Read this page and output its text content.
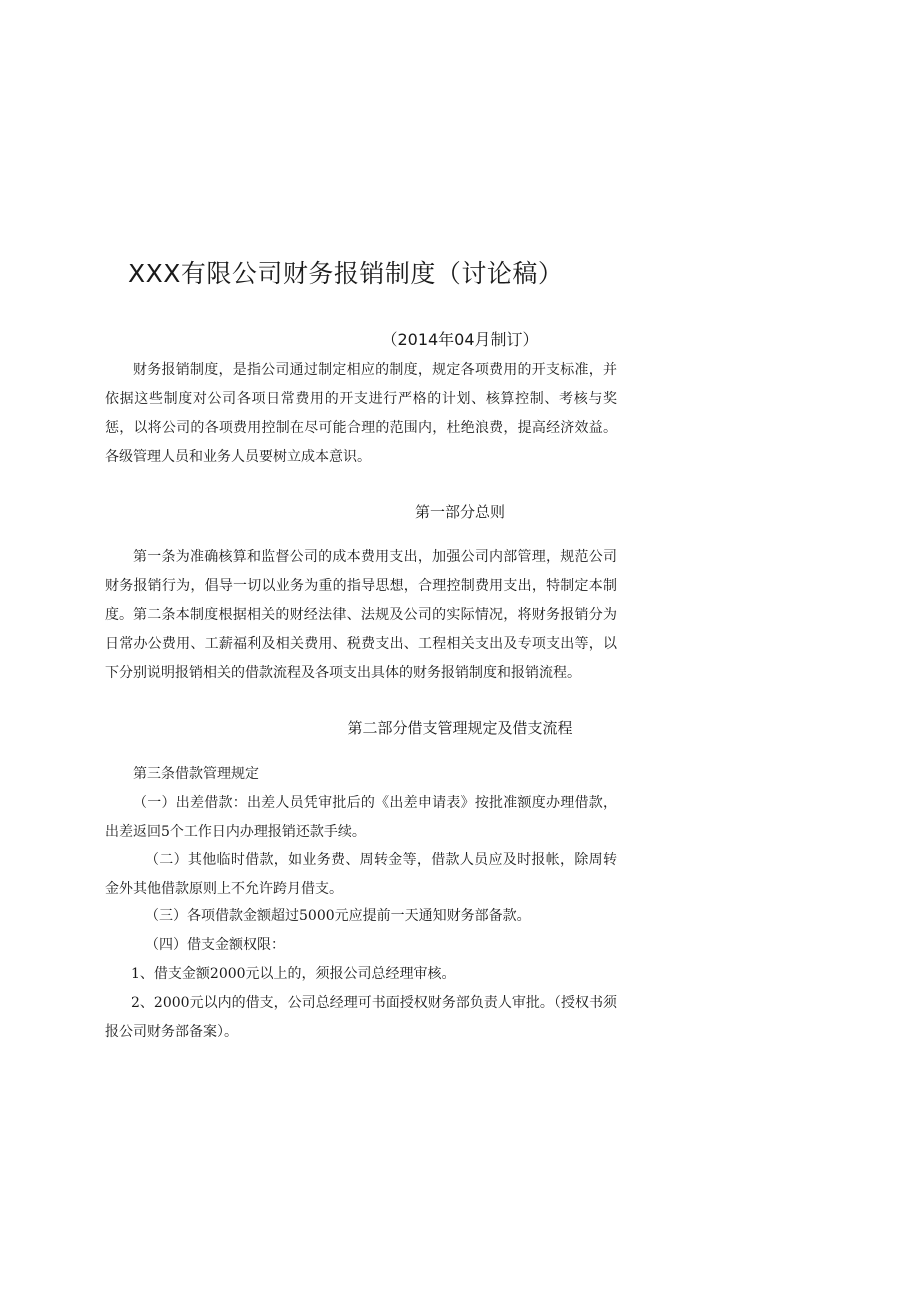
XXX有限公司财务报销制度（讨论稿）
（2014年04月制订）

财务报销制度，是指公司通过制定相应的制度，规定各项费用的开支标准，并依据这些制度对公司各项日常费用的开支进行严格的计划、核算控制、考核与奖惩，以将公司的各项费用控制在尽可能合理的范围内，杜绝浪费，提高经济效益。各级管理人员和业务人员要树立成本意识。

第一部分总则

第一条为准确核算和监督公司的成本费用支出，加强公司内部管理，规范公司财务报销行为，倡导一切以业务为重的指导思想，合理控制费用支出，特制定本制度。 第二条本制度根据相关的财经法律、法规及公司的实际情况，将财务报销分为日常办公费用、工薪福利及相关费用、税费支出、工程相关支出及专项支出等，以下分别说明报销相关的借款流程及各项支出具体的财务报销制度和报销流程。

第二部分借支管理规定及借支流程
第三条借款管理规定

（一）出差借款：出差人员凭审批后的《出差申请表》按批准额度办理借款，出差返回5个工作日内办理报销还款手续。

（二）其他临时借款，如业务费、周转金等，借款人员应及时报帐，除周转金外其他借款原则上不允许跨月借支。

（三）各项借款金额超过5000元应提前一天通知财务部备款。
（四）借支金额权限：
1、借支金额2000元以上的，须报公司总经理审核。

2、2000元以内的借支，公司总经理可书面授权财务部负责人审批。（授权书须报公司财务部备案）。
